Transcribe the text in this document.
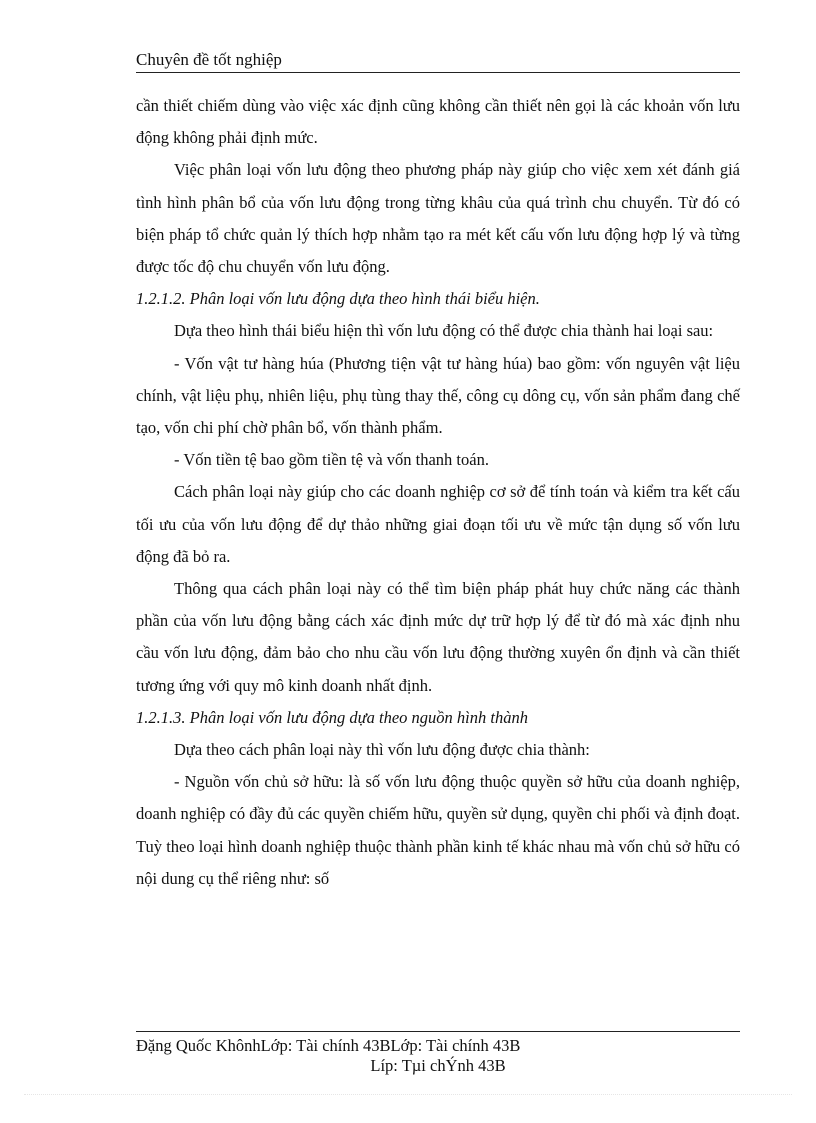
Chuyên đề tốt nghiệp

cần thiết chiếm dùng vào việc xác định cũng không cần thiết nên gọi là các khoản vốn lưu động không phải định mức.

Việc phân loại vốn lưu động theo phương pháp này giúp cho việc xem xét đánh giá tình hình phân bổ của vốn lưu động trong từng khâu của quá trình chu chuyển. Từ đó có biện pháp tổ chức quản lý thích hợp nhằm tạo ra mét kết cấu vốn lưu động hợp lý và từng được tốc độ chu chuyển vốn lưu động.

1.2.1.2. Phân loại vốn lưu động dựa theo hình thái biểu hiện.

Dựa theo hình thái biểu hiện thì vốn lưu động có thể được chia thành hai loại sau:

- Vốn vật tư hàng húa (Phương tiện vật tư hàng húa) bao gồm: vốn nguyên vật liệu chính, vật liệu phụ, nhiên liệu, phụ tùng thay thế, công cụ dông cụ, vốn sản phẩm đang chế tạo, vốn chi phí chờ phân bổ, vốn thành phẩm.

- Vốn tiền tệ bao gồm tiền tệ và vốn thanh toán.

Cách phân loại này giúp cho các doanh nghiệp cơ sở để tính toán và kiểm tra kết cấu tối ưu của vốn lưu động để dự thảo những giai đoạn tối ưu về mức tận dụng số vốn lưu động đã bỏ ra.

Thông qua cách phân loại này có thể tìm biện pháp phát huy chức năng các thành phần của vốn lưu động bằng cách xác định mức dự trữ hợp lý để từ đó mà xác định nhu cầu vốn lưu động, đảm bảo cho nhu cầu vốn lưu động thường xuyên ổn định và cần thiết tương ứng với quy mô kinh doanh nhất định.

1.2.1.3. Phân loại vốn lưu động dựa theo nguồn hình thành

Dựa theo cách phân loại này thì vốn lưu động được chia thành:

- Nguồn vốn chủ sở hữu: là số vốn lưu động thuộc quyền sở hữu của doanh nghiệp, doanh nghiệp có đầy đủ các quyền chiếm hữu, quyền sử dụng, quyền chi phối và định đoạt. Tuỳ theo loại hình doanh nghiệp thuộc thành phần kinh tế khác nhau mà vốn chủ sở hữu có nội dung cụ thể riêng như: số

Đặng Quốc KhônhLớp: Tài chính 43BLớp: Tài chính 43B
Líp: Tµi chÝnh 43B
